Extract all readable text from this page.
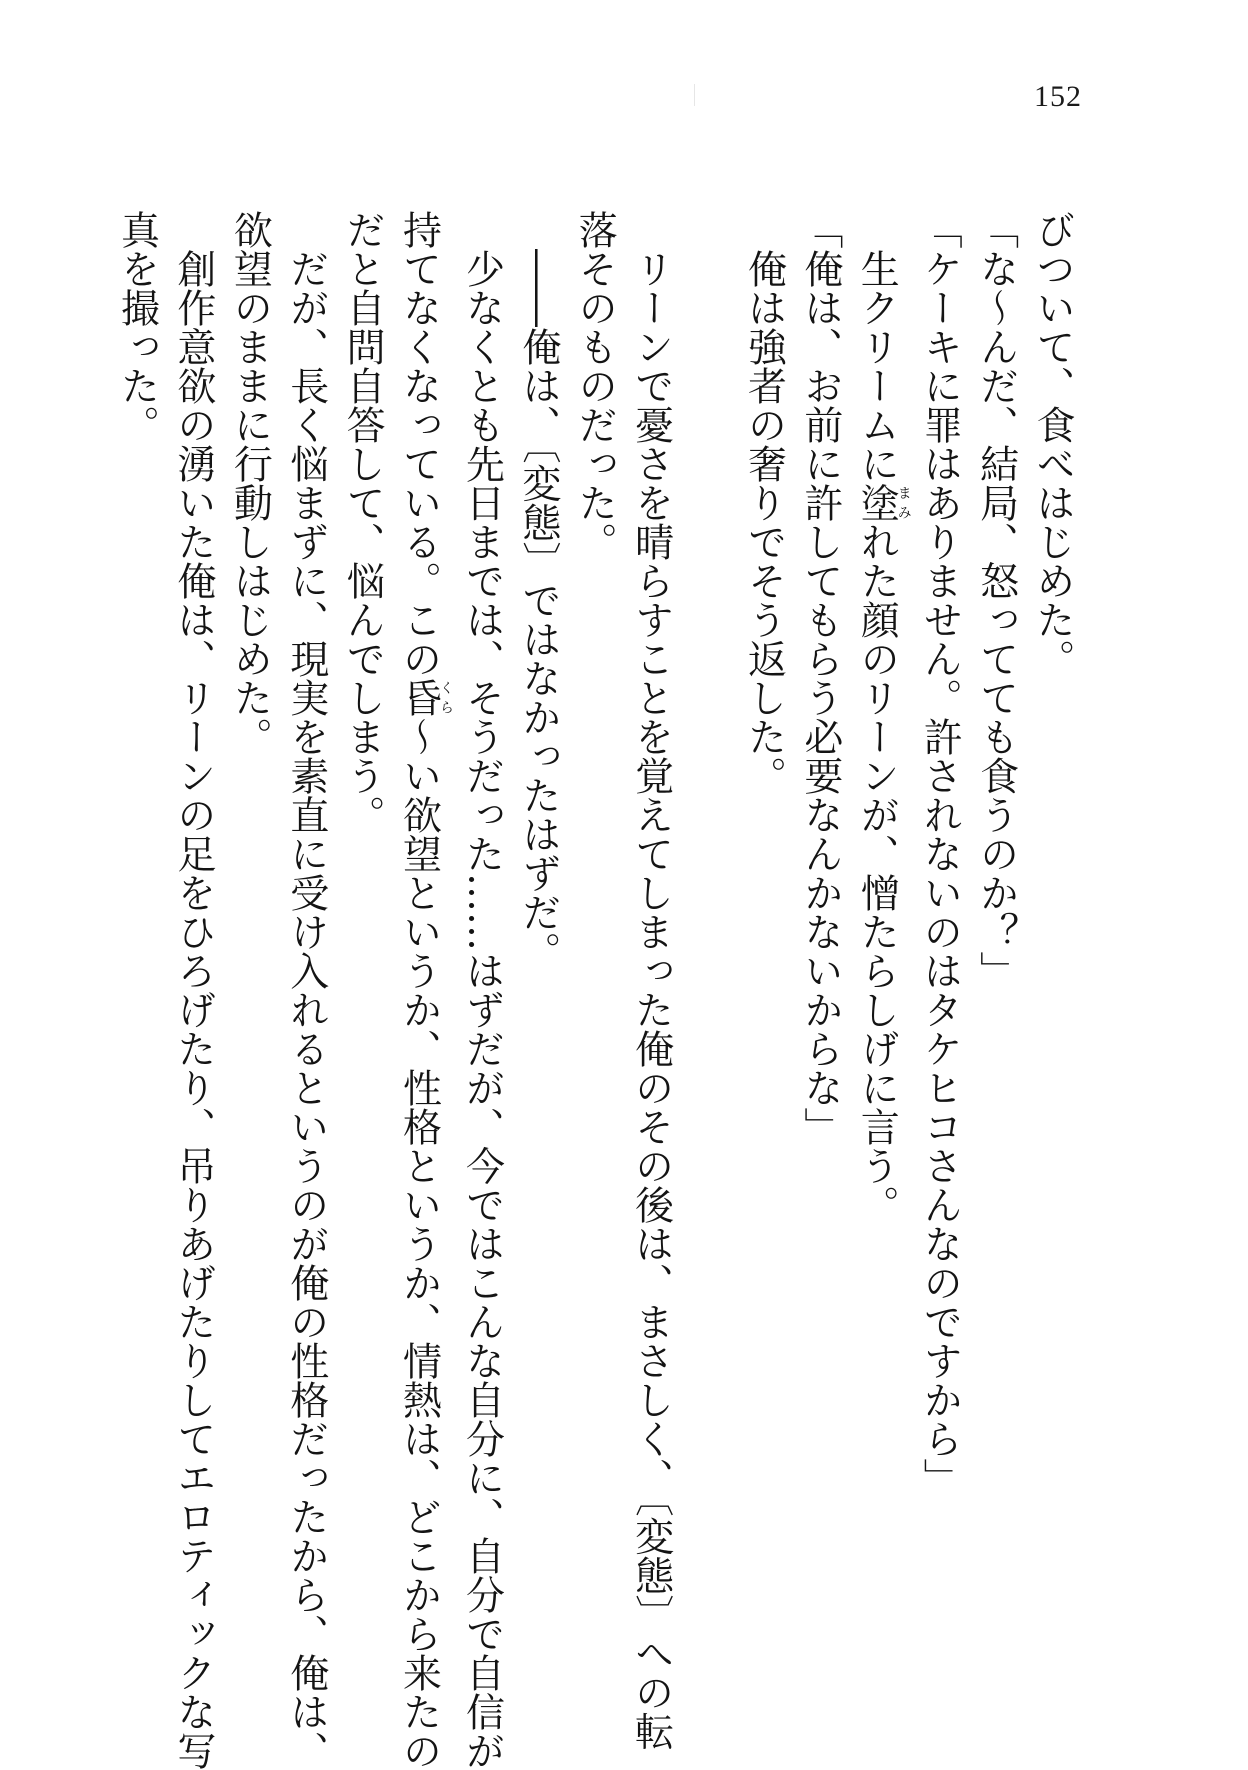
152
びついて、食べはじめた。
「な～んだ、結局、怒ってても食うのか？」
「ケーキに罪はありません。許されないのはタケヒコさんなのですから」
　生クリームに塗まみれた顔のリーンが、憎たらしげに言う。
「俺は、お前に許してもらう必要なんかないからな」
俺は強者の奢りでそう返した。
リーンで憂さを晴らすことを覚えてしまった俺のその後は、まさしく、〔変態〕への転
落そのものだった。
――俺は、〔変態〕ではなかったはずだ。
少なくとも先日までは、そうだった……はずだが、今ではこんな自分に、自分で自信が
持てなくなっている。この昏くら～い欲望というか、性格というか、情熱は、どこから来たの
だと自問自答して、悩んでしまう。
だが、長く悩まずに、現実を素直に受け入れるというのが俺の性格だったから、俺は、
欲望のままに行動しはじめた。
創作意欲の湧いた俺は、リーンの足をひろげたり、吊りあげたりしてエロティックな写
真を撮った。
